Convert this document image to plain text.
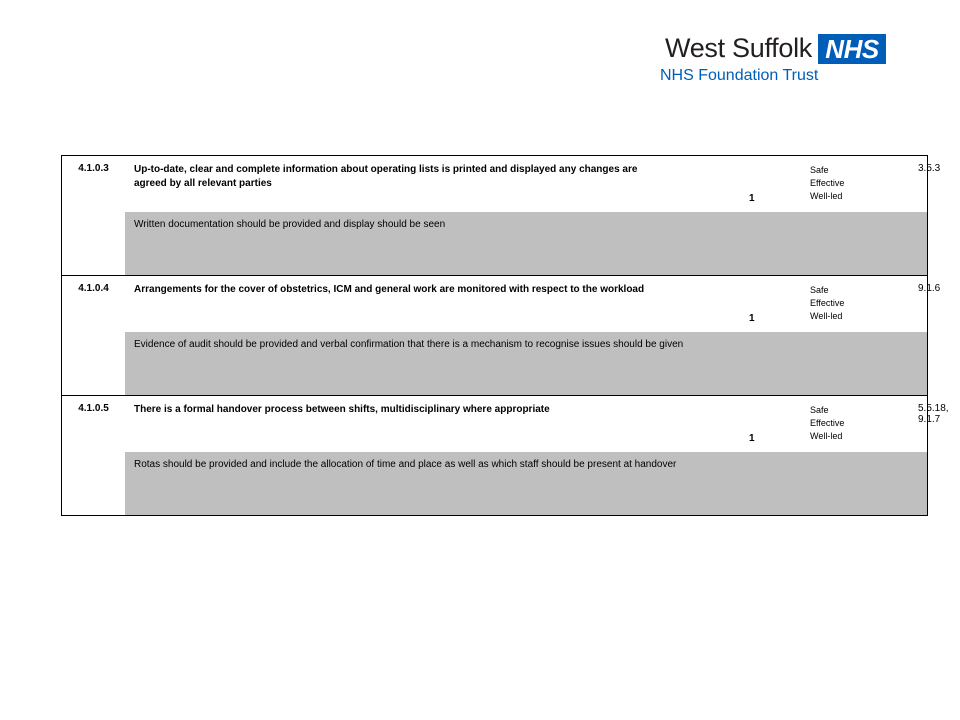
West Suffolk NHS
NHS Foundation Trust
4.1.0.3	Up-to-date, clear and complete information about operating lists is printed and displayed any changes are agreed by all relevant parties	1	Safe
Effective
Well-led	3.5.3
	Written documentation should be provided and display should be seen			

4.1.0.4	Arrangements for the cover of obstetrics, ICM and general work are monitored with respect to the workload	1	Safe
Effective
Well-led	9.1.6
	Evidence of audit should be provided and verbal confirmation that there is a mechanism to recognise issues should be given			

4.1.0.5	There is a formal handover process between shifts, multidisciplinary where appropriate	1	Safe
Effective
Well-led	5.5.18, 9.1.7
	Rotas should be provided and include the allocation of time and place as well as which staff should be present at handover			
